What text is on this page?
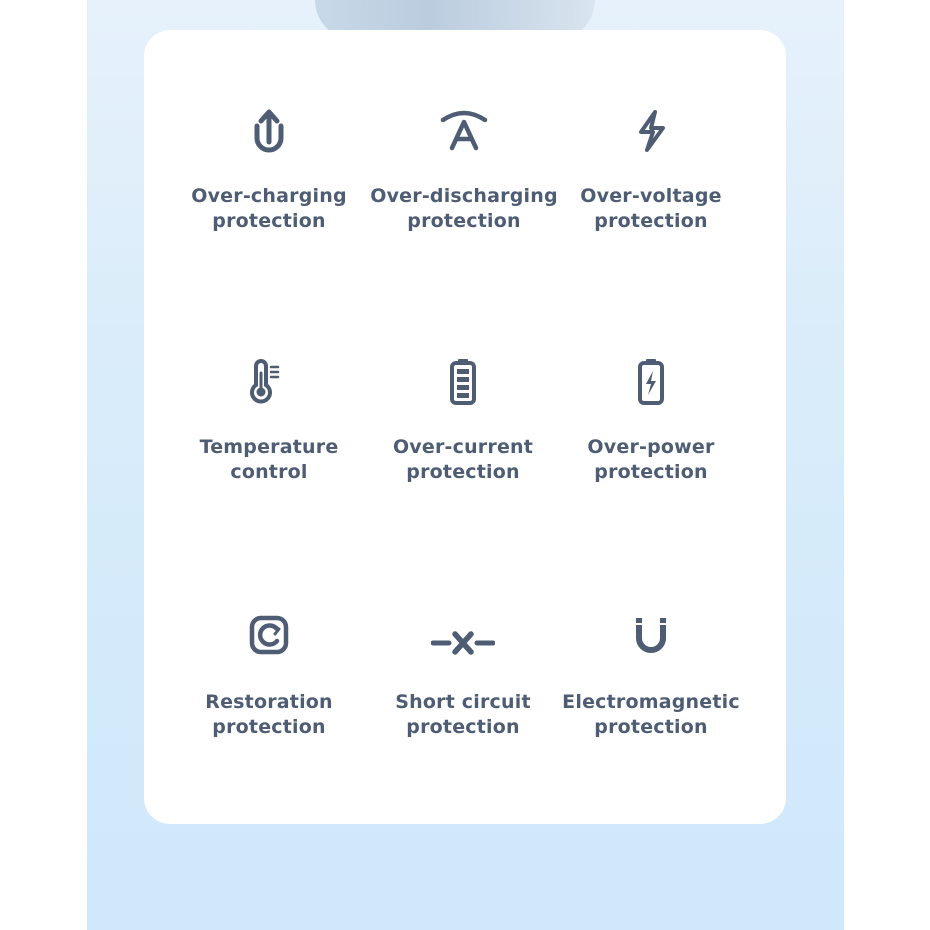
Over-charging
protection
Over-discharging
protection
Over-voltage
protection
Temperature
control
Over-current
protection
Over-power
protection
Restoration
protection
Short circuit
protection
Electromagnetic
protection
